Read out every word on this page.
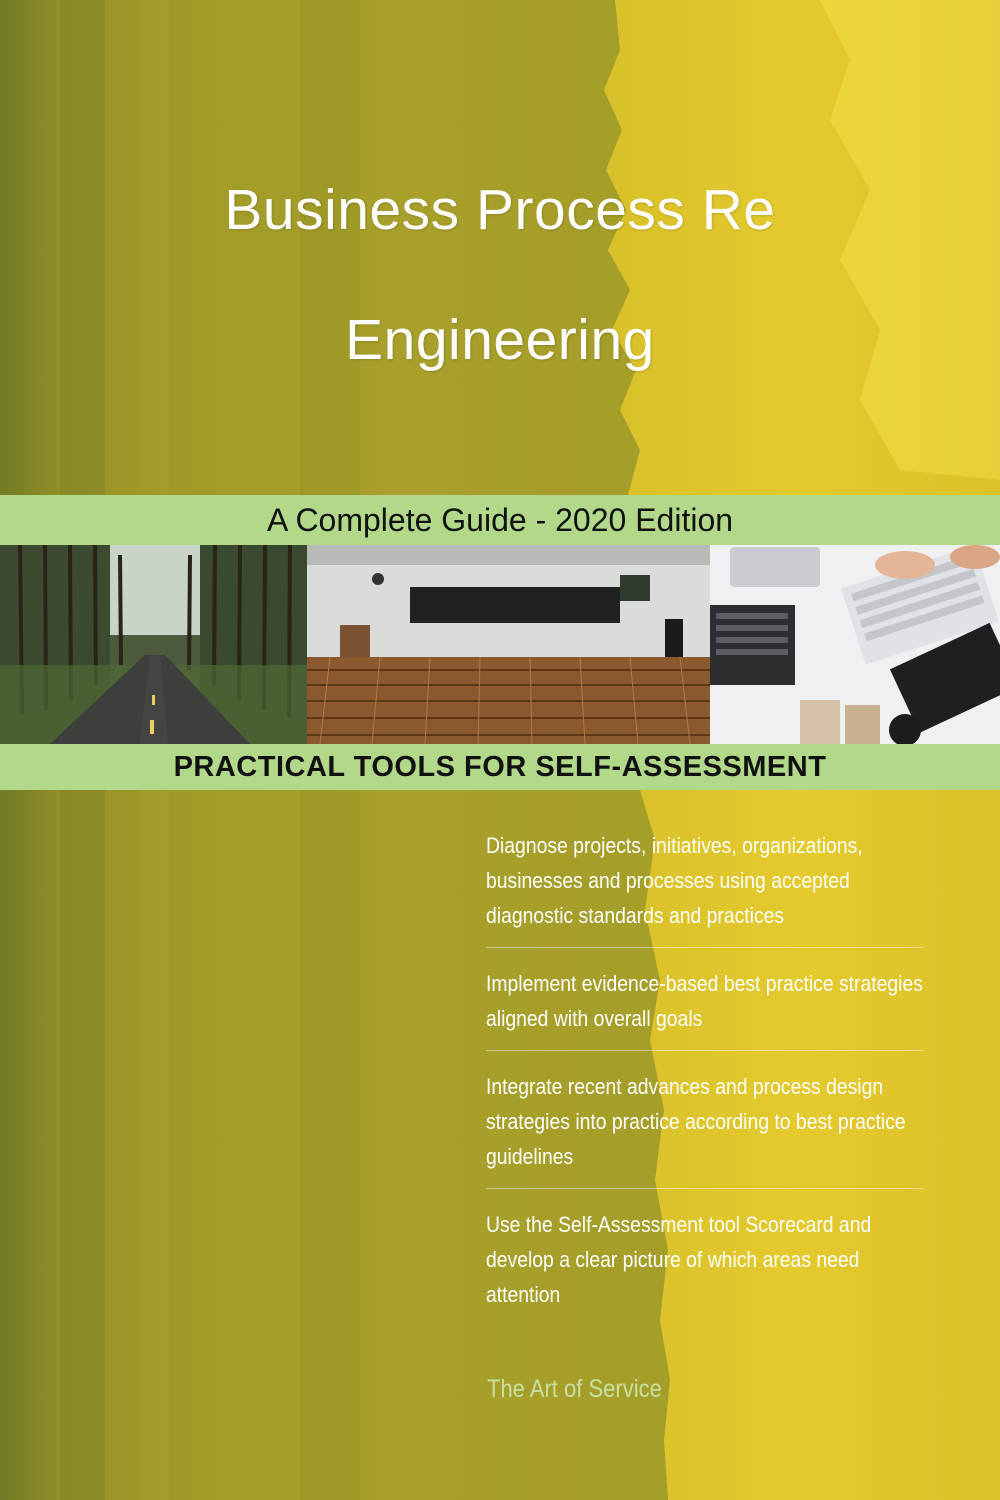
Business Process Re
Engineering
A Complete Guide - 2020 Edition
PRACTICAL TOOLS FOR SELF-ASSESSMENT
Diagnose projects, initiatives, organizations, businesses and processes using accepted diagnostic standards and practices
Implement evidence-based best practice strategies aligned with overall goals
Integrate recent advances and process design strategies into practice according to best practice guidelines
Use the Self-Assessment tool Scorecard and develop a clear picture of which areas need attention
The Art of Service
